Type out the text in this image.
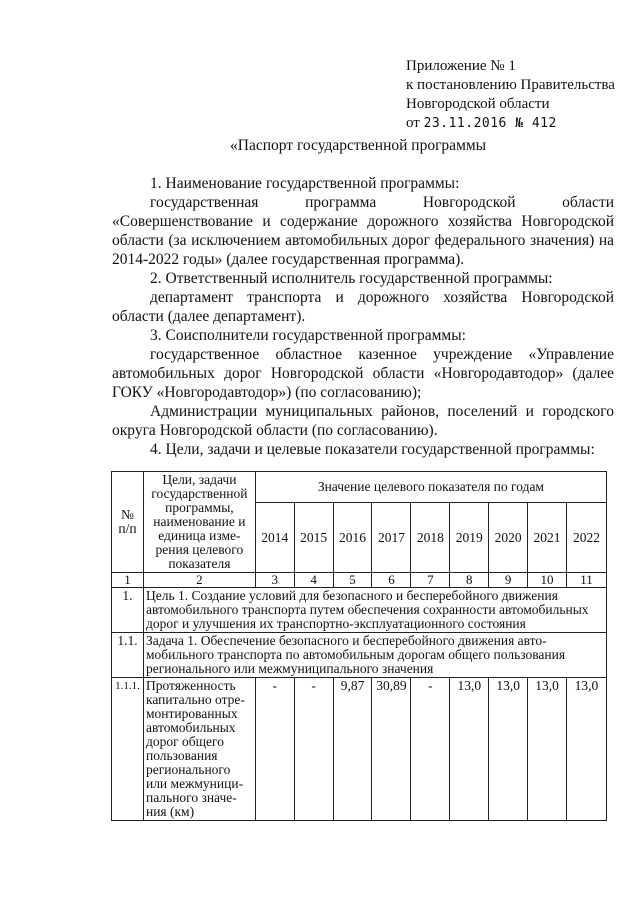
Приложение № 1
к постановлению Правительства
Новгородской области
от 23.11.2016 № 412
«Паспорт государственной программы
1. Наименование государственной программы:
государственная программа Новгородской области «Совершенствование и содержание дорожного хозяйства Новгородской области (за исключением автомобильных дорог федерального значения) на 2014-2022 годы» (далее государственная программа).
2. Ответственный исполнитель государственной программы:
департамент транспорта и дорожного хозяйства Новгородской области (далее департамент).
3. Соисполнители государственной программы:
государственное областное казенное учреждение «Управление автомобильных дорог Новгородской области «Новгородавтодор» (далее ГОКУ «Новгородавтодор») (по согласованию);
Администрации муниципальных районов, поселений и городского округа Новгородской области (по согласованию).
4. Цели, задачи и целевые показатели государственной программы:
№ п/п	Цели, задачи государственной программы, наименование и единица изме-рения целевого показателя	Значение целевого показателя по годам								
		2014	2015	2016	2017	2018	2019	2020	2021	2022
1	2	3	4	5	6	7	8	9	10	11
1.	Цель 1. Создание условий для безопасного и бесперебойного движения автомобильного транспорта путем обеспечения сохранности автомобильных дорог и улучшения их транспортно-эксплуатационного состояния									
1.1.	Задача 1. Обеспечение безопасного и бесперебойного движения авто-мобильного транспорта по автомобильным дорогам общего пользования регионального или межмуниципального значения									
1.1.1.	Протяженность капитально отре-монтированных автомобильных дорог общего пользования регионального или межмуници-пального значе-ния (км)	-	-	9,87	30,89	-	13,0	13,0	13,0	13,0
